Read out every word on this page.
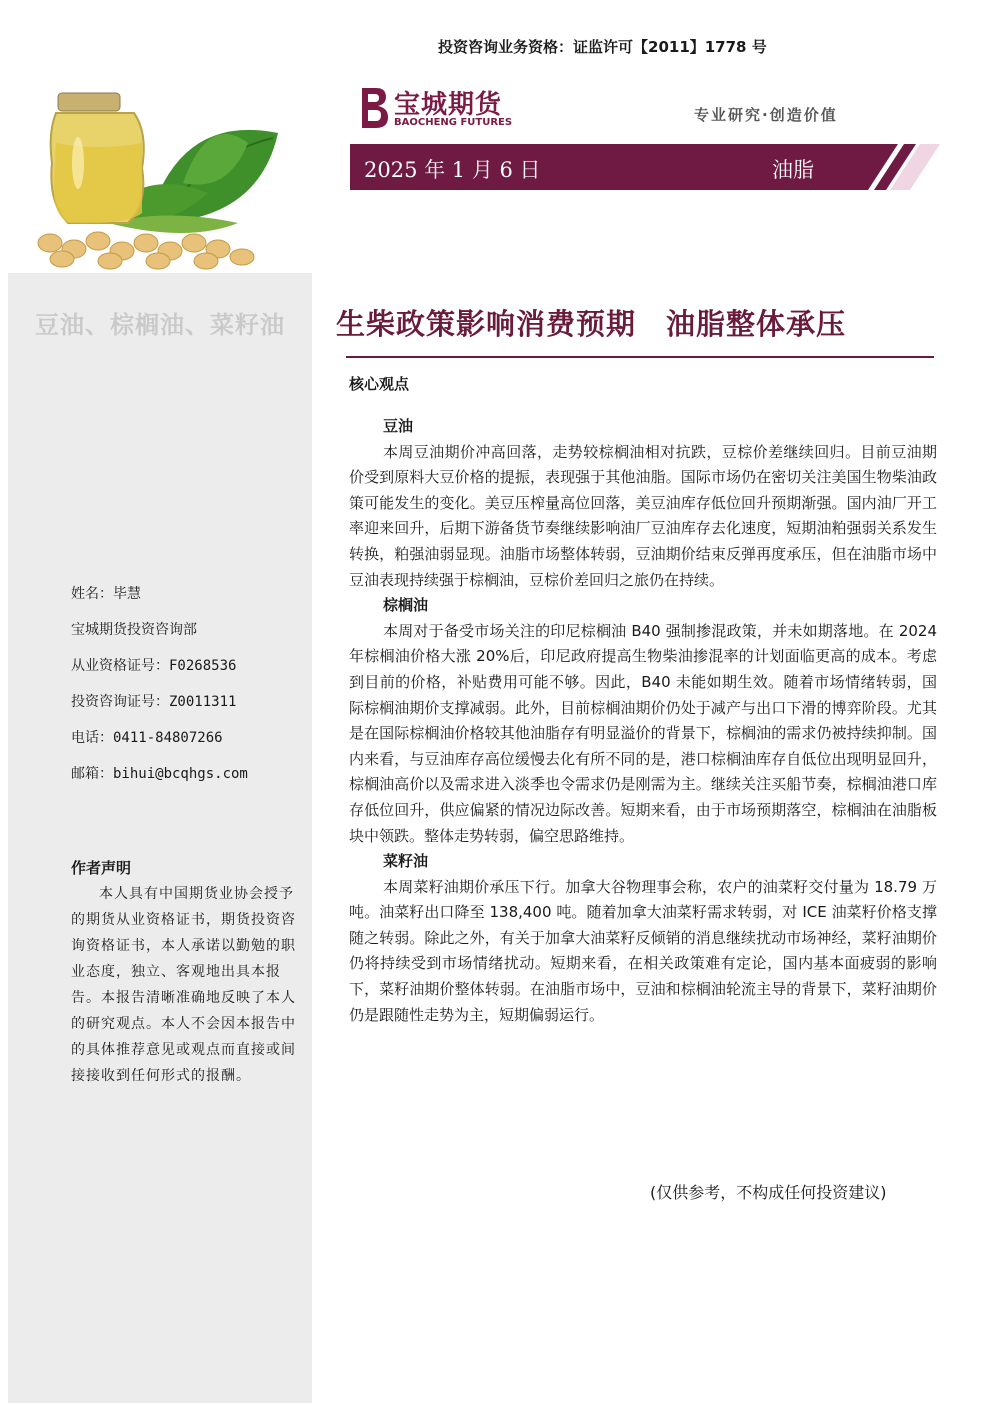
豆油、棕榈油、菜籽油
姓名：毕慧
宝城期货投资咨询部
从业资格证号：F0268536
投资咨询证号：Z0011311
电话：0411-84807266
邮箱：bihui@bcqhgs.com
作者声明
本人具有中国期货业协会授予的期货从业资格证书，期货投资咨询资格证书，本人承诺以勤勉的职业态度，独立、客观地出具本报告。本报告清晰准确地反映了本人的研究观点。本人不会因本报告中的具体推荐意见或观点而直接或间接接收到任何形式的报酬。
投资咨询业务资格：证监许可【2011】1778 号
宝城期货
BAOCHENG FUTURES	专业研究·创造价值
2025 年 1 月 6 日	油脂
生柴政策影响消费预期　油脂整体承压
核心观点
豆油

本周豆油期价冲高回落，走势较棕榈油相对抗跌，豆棕价差继续回归。目前豆油期价受到原料大豆价格的提振，表现强于其他油脂。国际市场仍在密切关注美国生物柴油政策可能发生的变化。美豆压榨量高位回落，美豆油库存低位回升预期渐强。国内油厂开工率迎来回升，后期下游备货节奏继续影响油厂豆油库存去化速度，短期油粕强弱关系发生转换，粕强油弱显现。油脂市场整体转弱，豆油期价结束反弹再度承压，但在油脂市场中豆油表现持续强于棕榈油，豆棕价差回归之旅仍在持续。

棕榈油

本周对于备受市场关注的印尼棕榈油 B40 强制掺混政策，并未如期落地。在 2024 年棕榈油价格大涨 20%后，印尼政府提高生物柴油掺混率的计划面临更高的成本。考虑到目前的价格，补贴费用可能不够。因此，B40 未能如期生效。随着市场情绪转弱，国际棕榈油期价支撑减弱。此外，目前棕榈油期价仍处于减产与出口下滑的博弈阶段。尤其是在国际棕榈油价格较其他油脂存有明显溢价的背景下，棕榈油的需求仍被持续抑制。国内来看，与豆油库存高位缓慢去化有所不同的是，港口棕榈油库存自低位出现明显回升，棕榈油高价以及需求进入淡季也令需求仍是刚需为主。继续关注买船节奏，棕榈油港口库存低位回升，供应偏紧的情况边际改善。短期来看，由于市场预期落空，棕榈油在油脂板块中领跌。整体走势转弱，偏空思路维持。

菜籽油

本周菜籽油期价承压下行。加拿大谷物理事会称，农户的油菜籽交付量为 18.79 万吨。油菜籽出口降至 138,400 吨。随着加拿大油菜籽需求转弱，对 ICE 油菜籽价格支撑随之转弱。除此之外，有关于加拿大油菜籽反倾销的消息继续扰动市场神经，菜籽油期价仍将持续受到市场情绪扰动。短期来看，在相关政策难有定论，国内基本面疲弱的影响下，菜籽油期价整体转弱。在油脂市场中，豆油和棕榈油轮流主导的背景下，菜籽油期价仍是跟随性走势为主，短期偏弱运行。

(仅供参考，不构成任何投资建议)
